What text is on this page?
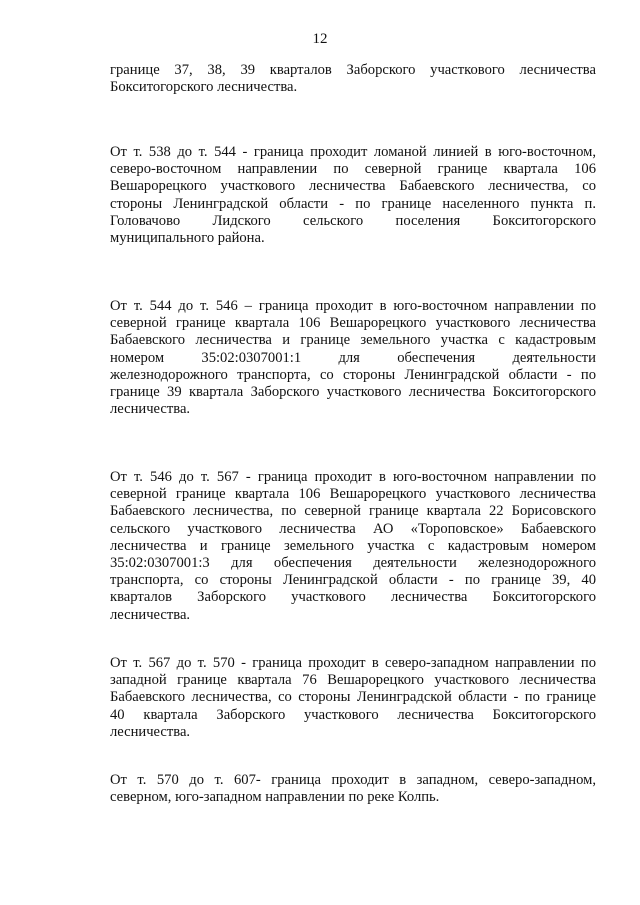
12
границе 37, 38, 39 кварталов Заборского участкового лесничества
Бокситогорского лесничества.
От т. 538 до т. 544 - граница проходит ломаной линией в юго-восточном,
северо-восточном направлении по северной границе квартала 106
Вешарорецкого участкового лесничества Бабаевского лесничества, со
стороны Ленинградской области - по границе населенного пункта п.
Головачово Лидского сельского поселения Бокситогорского
муниципального района.
От т. 544 до т. 546 – граница проходит в юго-восточном направлении по
северной границе квартала 106 Вешарорецкого участкового лесничества
Бабаевского лесничества и границе земельного участка с кадастровым
номером 35:02:0307001:1 для обеспечения деятельности
железнодорожного транспорта, со стороны Ленинградской области - по
границе 39 квартала Заборского участкового лесничества Бокситогорского
лесничества.
От т. 546 до т. 567 - граница проходит в юго-восточном направлении по
северной границе квартала 106 Вешарорецкого участкового лесничества
Бабаевского лесничества, по северной границе квартала 22 Борисовского
сельского участкового лесничества АО «Тороповское» Бабаевского
лесничества и границе земельного участка с кадастровым номером
35:02:0307001:3 для обеспечения деятельности железнодорожного
транспорта, со стороны Ленинградской области - по границе 39, 40
кварталов Заборского участкового лесничества Бокситогорского
лесничества.
От т. 567 до т. 570 - граница проходит в северо-западном направлении по
западной границе квартала 76 Вешарорецкого участкового лесничества
Бабаевского лесничества, со стороны Ленинградской области - по границе
40 квартала Заборского участкового лесничества Бокситогорского
лесничества.
От т. 570 до т. 607- граница проходит в западном, северо-западном,
северном, юго-западном направлении по реке Колпь.
